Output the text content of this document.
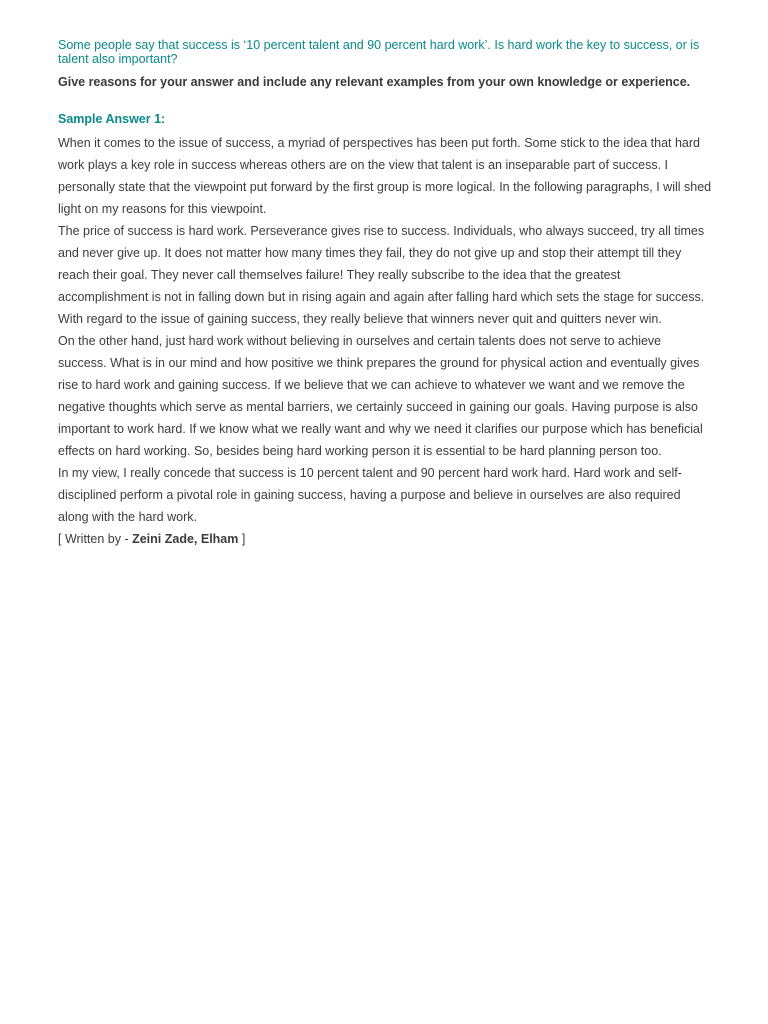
Some people say that success is ‘10 percent talent and 90 percent hard work’. Is hard work the key to success, or is talent also important?

Give reasons for your answer and include any relevant examples from your own knowledge or experience.

Sample Answer 1:

When it comes to the issue of success, a myriad of perspectives has been put forth. Some stick to the idea that hard work plays a key role in success whereas others are on the view that talent is an inseparable part of success. I personally state that the viewpoint put forward by the first group is more logical. In the following paragraphs, I will shed light on my reasons for this viewpoint.

The price of success is hard work. Perseverance gives rise to success. Individuals, who always succeed, try all times and never give up. It does not matter how many times they fail, they do not give up and stop their attempt till they reach their goal. They never call themselves failure! They really subscribe to the idea that the greatest accomplishment is not in falling down but in rising again and again after falling hard which sets the stage for success. With regard to the issue of gaining success, they really believe that winners never quit and quitters never win.

On the other hand, just hard work without believing in ourselves and certain talents does not serve to achieve success. What is in our mind and how positive we think prepares the ground for physical action and eventually gives rise to hard work and gaining success. If we believe that we can achieve to whatever we want and we remove the negative thoughts which serve as mental barriers, we certainly succeed in gaining our goals. Having purpose is also important to work hard. If we know what we really want and why we need it clarifies our purpose which has beneficial effects on hard working. So, besides being hard working person it is essential to be hard planning person too.

In my view, I really concede that success is 10 percent talent and 90 percent hard work hard. Hard work and self-disciplined perform a pivotal role in gaining success, having a purpose and believe in ourselves are also required along with the hard work.

[ Written by - Zeini Zade, Elham ]
